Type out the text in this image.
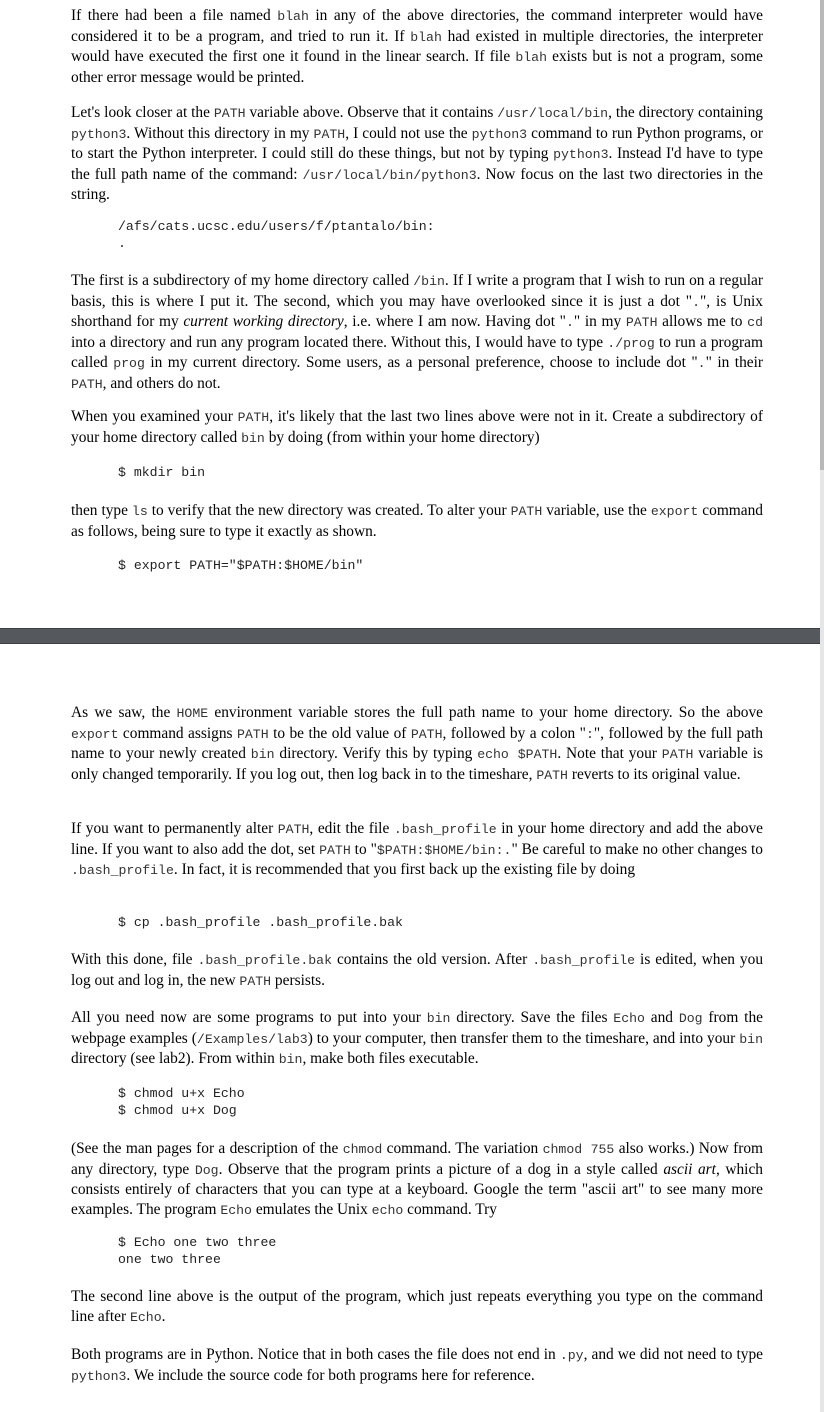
If there had been a file named blah in any of the above directories, the command interpreter would have considered it to be a program, and tried to run it. If blah had existed in multiple directories, the interpreter would have executed the first one it found in the linear search. If file blah exists but is not a program, some other error message would be printed.

Let's look closer at the PATH variable above. Observe that it contains /usr/local/bin, the directory containing python3. Without this directory in my PATH, I could not use the python3 command to run Python programs, or to start the Python interpreter. I could still do these things, but not by typing python3. Instead I'd have to type the full path name of the command: /usr/local/bin/python3. Now focus on the last two directories in the string.

/afs/cats.ucsc.edu/users/f/ptantalo/bin:
.

The first is a subdirectory of my home directory called /bin. If I write a program that I wish to run on a regular basis, this is where I put it. The second, which you may have overlooked since it is just a dot ".", is Unix shorthand for my current working directory, i.e. where I am now. Having dot "." in my PATH allows me to cd into a directory and run any program located there. Without this, I would have to type ./prog to run a program called prog in my current directory. Some users, as a personal preference, choose to include dot "." in their PATH, and others do not.

When you examined your PATH, it's likely that the last two lines above were not in it. Create a subdirectory of your home directory called bin by doing (from within your home directory)

$ mkdir bin

then type ls to verify that the new directory was created. To alter your PATH variable, use the export command as follows, being sure to type it exactly as shown.

$ export PATH="$PATH:$HOME/bin"

As we saw, the HOME environment variable stores the full path name to your home directory. So the above export command assigns PATH to be the old value of PATH, followed by a colon ":", followed by the full path name to your newly created bin directory. Verify this by typing echo $PATH. Note that your PATH variable is only changed temporarily. If you log out, then log back in to the timeshare, PATH reverts to its original value.

If you want to permanently alter PATH, edit the file .bash_profile in your home directory and add the above line. If you want to also add the dot, set PATH to "$PATH:$HOME/bin:." Be careful to make no other changes to .bash_profile. In fact, it is recommended that you first back up the existing file by doing

$ cp .bash_profile .bash_profile.bak

With this done, file .bash_profile.bak contains the old version. After .bash_profile is edited, when you log out and log in, the new PATH persists.

All you need now are some programs to put into your bin directory. Save the files Echo and Dog from the webpage examples (/Examples/lab3) to your computer, then transfer them to the timeshare, and into your bin directory (see lab2). From within bin, make both files executable.

$ chmod u+x Echo
$ chmod u+x Dog

(See the man pages for a description of the chmod command. The variation chmod 755 also works.) Now from any directory, type Dog. Observe that the program prints a picture of a dog in a style called ascii art, which consists entirely of characters that you can type at a keyboard. Google the term "ascii art" to see many more examples. The program Echo emulates the Unix echo command. Try

$ Echo one two three
one two three

The second line above is the output of the program, which just repeats everything you type on the command line after Echo.

Both programs are in Python. Notice that in both cases the file does not end in .py, and we did not need to type python3. We include the source code for both programs here for reference.
